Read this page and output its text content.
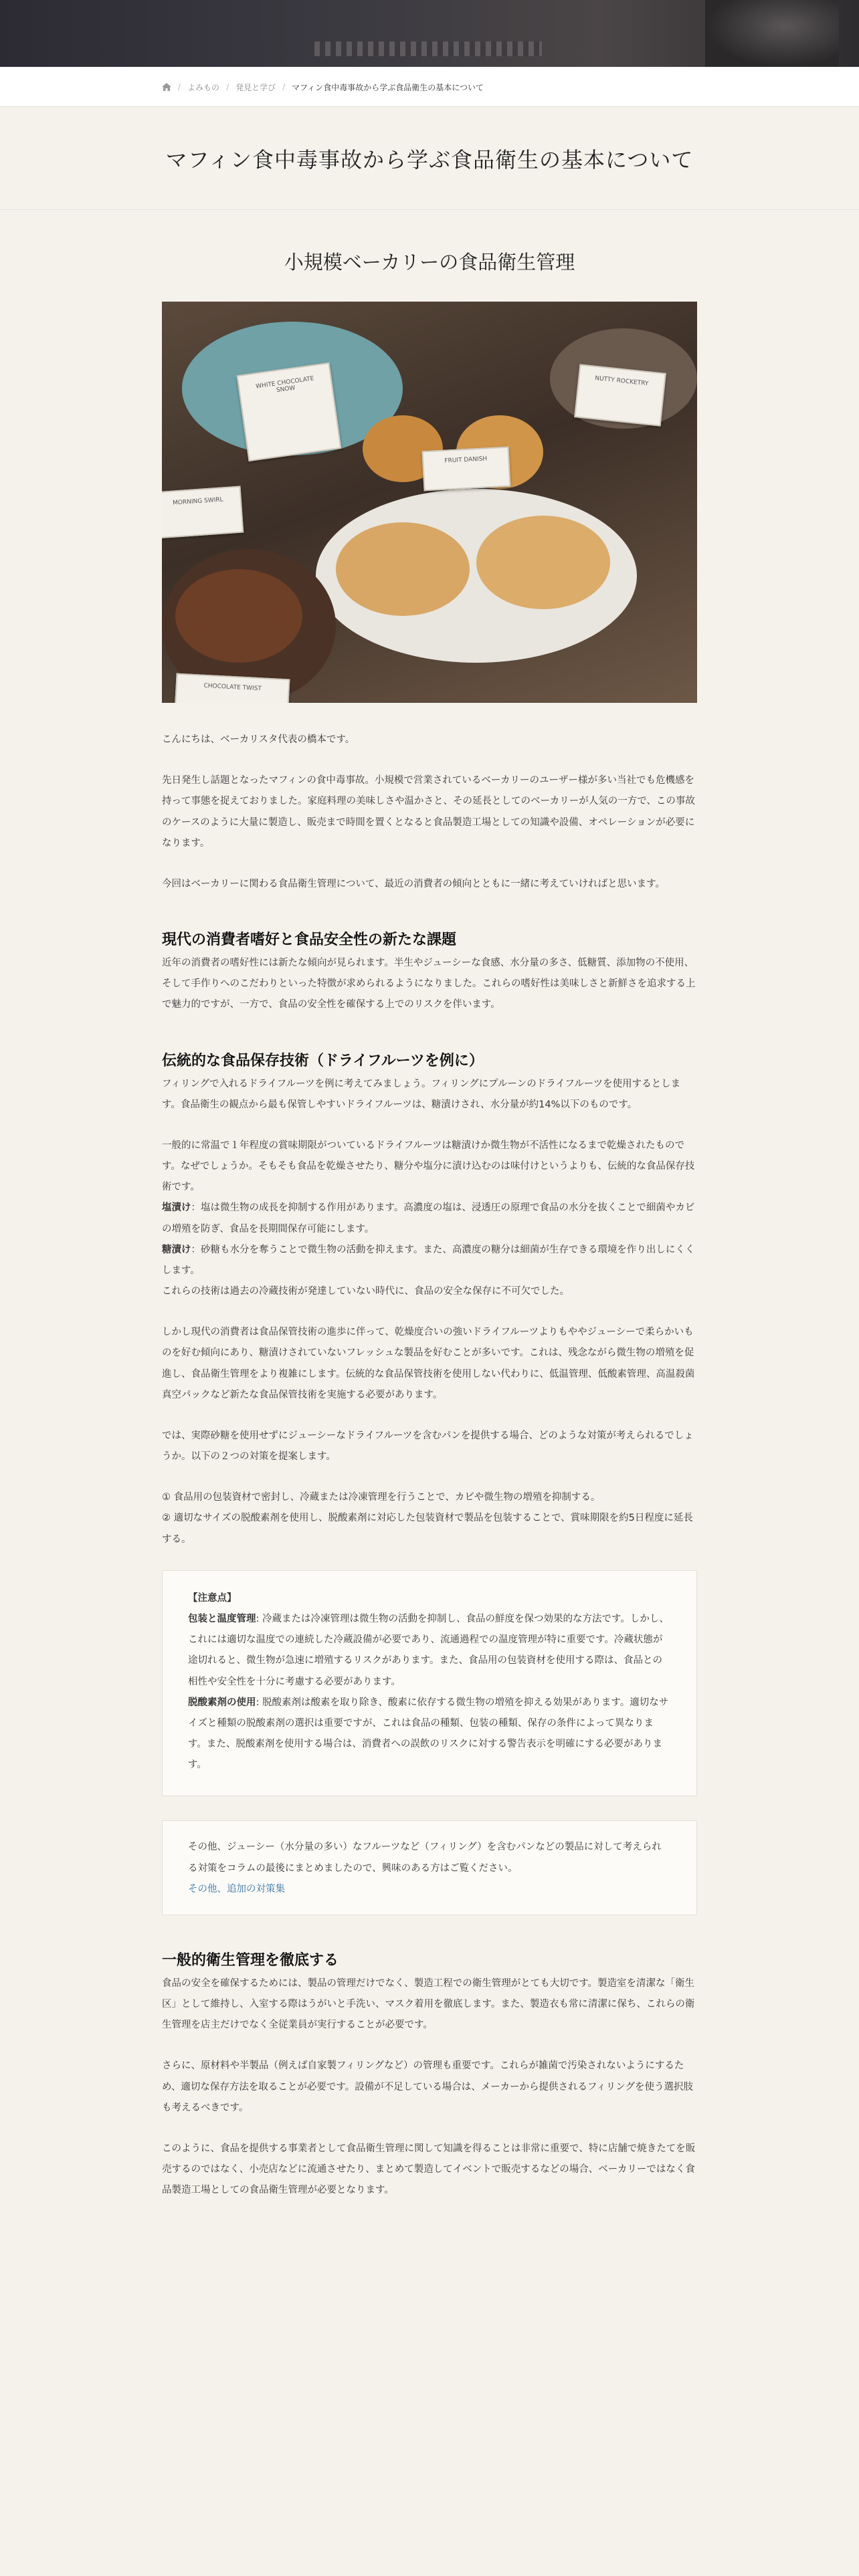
/ よみもの / 発見と学び / マフィン食中毒事故から学ぶ食品衛生の基本について
マフィン食中毒事故から学ぶ食品衛生の基本について
小規模ベーカリーの食品衛生管理
WHITE CHOCOLATE SNOW
FRUIT DANISH
NUTTY ROCKETRY
MORNING SWIRL
CHOCOLATE TWIST

こんにちは、ベーカリスタ代表の橋本です。

先日発生し話題となったマフィンの食中毒事故。小規模で営業されているベーカリーのユーザー様が多い当社でも危機感を持って事態を捉えておりました。家庭料理の美味しさや温かさと、その延長としてのベーカリーが人気の一方で、この事故のケースのように大量に製造し、販売まで時間を置くとなると食品製造工場としての知識や設備、オペレーションが必要になります。

今回はベーカリーに関わる食品衛生管理について、最近の消費者の傾向とともに一緒に考えていければと思います。

現代の消費者嗜好と食品安全性の新たな課題

近年の消費者の嗜好性には新たな傾向が見られます。半生やジューシーな食感、水分量の多さ、低糖質、添加物の不使用、そして手作りへのこだわりといった特徴が求められるようになりました。これらの嗜好性は美味しさと新鮮さを追求する上で魅力的ですが、一方で、食品の安全性を確保する上でのリスクを伴います。

伝統的な食品保存技術（ドライフルーツを例に）

フィリングで入れるドライフルーツを例に考えてみましょう。フィリングにプルーンのドライフルーツを使用するとします。食品衛生の観点から最も保管しやすいドライフルーツは、糖漬けされ、水分量が約14%以下のものです。

一般的に常温で１年程度の賞味期限がついているドライフルーツは糖漬けか微生物が不活性になるまで乾燥されたものです。なぜでしょうか。そもそも食品を乾燥させたり、糖分や塩分に漬け込むのは味付けというよりも、伝統的な食品保存技術です。

塩漬け：塩は微生物の成長を抑制する作用があります。高濃度の塩は、浸透圧の原理で食品の水分を抜くことで細菌やカビの増殖を防ぎ、食品を長期間保存可能にします。

糖漬け：砂糖も水分を奪うことで微生物の活動を抑えます。また、高濃度の糖分は細菌が生存できる環境を作り出しにくくします。

これらの技術は過去の冷蔵技術が発達していない時代に、食品の安全な保存に不可欠でした。

しかし現代の消費者は食品保管技術の進歩に伴って、乾燥度合いの強いドライフルーツよりもややジューシーで柔らかいものを好む傾向にあり、糖漬けされていないフレッシュな製品を好むことが多いです。これは、残念ながら微生物の増殖を促進し、食品衛生管理をより複雑にします。伝統的な食品保管技術を使用しない代わりに、低温管理、低酸素管理、高温殺菌真空パックなど新たな食品保管技術を実施する必要があります。

では、実際砂糖を使用せずにジューシーなドライフルーツを含むパンを提供する場合、どのような対策が考えられるでしょうか。以下の２つの対策を提案します。

① 食品用の包装資材で密封し、冷蔵または冷凍管理を行うことで、カビや微生物の増殖を抑制する。

② 適切なサイズの脱酸素剤を使用し、脱酸素剤に対応した包装資材で製品を包装することで、賞味期限を約5日程度に延長する。

【注意点】

包装と温度管理: 冷蔵または冷凍管理は微生物の活動を抑制し、食品の鮮度を保つ効果的な方法です。しかし、これには適切な温度での連続した冷蔵設備が必要であり、流通過程での温度管理が特に重要です。冷蔵状態が途切れると、微生物が急速に増殖するリスクがあります。また、食品用の包装資材を使用する際は、食品との相性や安全性を十分に考慮する必要があります。

脱酸素剤の使用: 脱酸素剤は酸素を取り除き、酸素に依存する微生物の増殖を抑える効果があります。適切なサイズと種類の脱酸素剤の選択は重要ですが、これは食品の種類、包装の種類、保存の条件によって異なります。また、脱酸素剤を使用する場合は、消費者への誤飲のリスクに対する警告表示を明確にする必要があります。

その他、ジューシー（水分量の多い）なフルーツなど（フィリング）を含むパンなどの製品に対して考えられる対策をコラムの最後にまとめましたので、興味のある方はご覧ください。

その他、追加の対策集
一般的衛生管理を徹底する

食品の安全を確保するためには、製品の管理だけでなく、製造工程での衛生管理がとても大切です。製造室を清潔な「衛生区」として維持し、入室する際はうがいと手洗い、マスク着用を徹底します。また、製造衣も常に清潔に保ち、これらの衛生管理を店主だけでなく全従業員が実行することが必要です。

さらに、原材料や半製品（例えば自家製フィリングなど）の管理も重要です。これらが雑菌で汚染されないようにするため、適切な保存方法を取ることが必要です。設備が不足している場合は、メーカーから提供されるフィリングを使う選択肢も考えるべきです。

このように、食品を提供する事業者として食品衛生管理に関して知識を得ることは非常に重要で、特に店舗で焼きたてを販売するのではなく、小売店などに流通させたり、まとめて製造してイベントで販売するなどの場合、ベーカリーではなく食品製造工場としての食品衛生管理が必要となります。
